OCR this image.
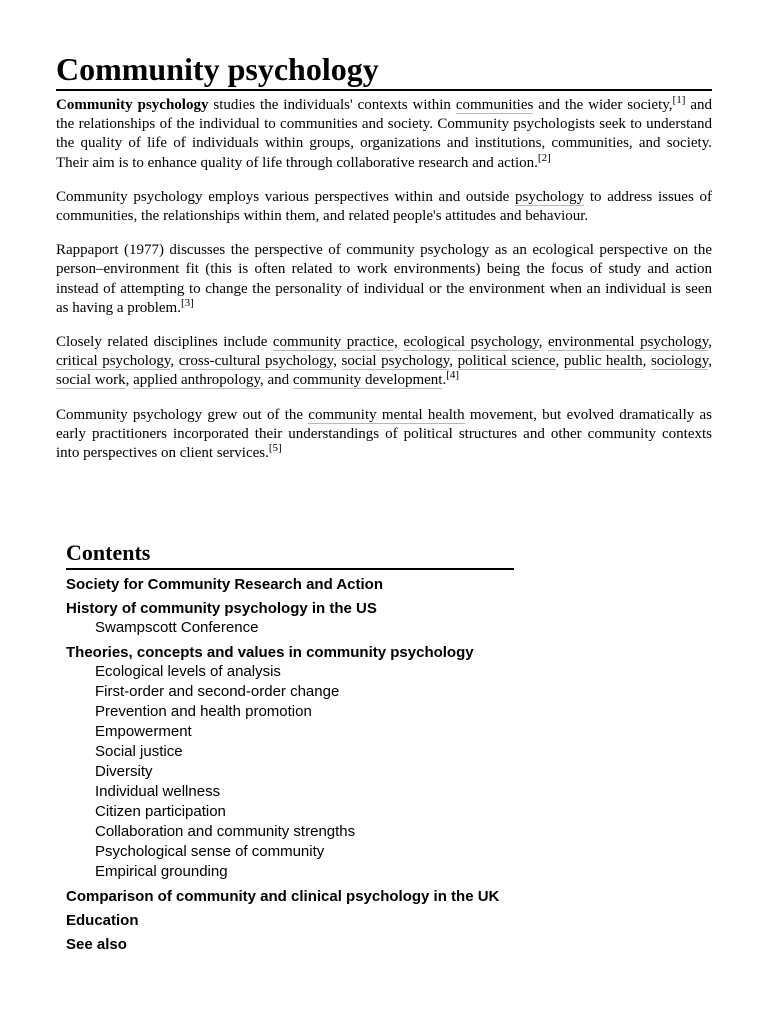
Community psychology

Community psychology studies the individuals' contexts within communities and the wider society,[1] and the relationships of the individual to communities and society. Community psychologists seek to understand the quality of life of individuals within groups, organizations and institutions, communities, and society. Their aim is to enhance quality of life through collaborative research and action.[2]

Community psychology employs various perspectives within and outside psychology to address issues of communities, the relationships within them, and related people's attitudes and behaviour.

Rappaport (1977) discusses the perspective of community psychology as an ecological perspective on the person–environment fit (this is often related to work environments) being the focus of study and action instead of attempting to change the personality of individual or the environment when an individual is seen as having a problem.[3]

Closely related disciplines include community practice, ecological psychology, environmental psychology, critical psychology, cross-cultural psychology, social psychology, political science, public health, sociology, social work, applied anthropology, and community development.[4]

Community psychology grew out of the community mental health movement, but evolved dramatically as early practitioners incorporated their understandings of political structures and other community contexts into perspectives on client services.[5]

Contents
Society for Community Research and Action
History of community psychology in the US
Swampscott Conference
Theories, concepts and values in community psychology
Ecological levels of analysis
First-order and second-order change
Prevention and health promotion
Empowerment
Social justice
Diversity
Individual wellness
Citizen participation
Collaboration and community strengths
Psychological sense of community
Empirical grounding
Comparison of community and clinical psychology in the UK
Education
See also
